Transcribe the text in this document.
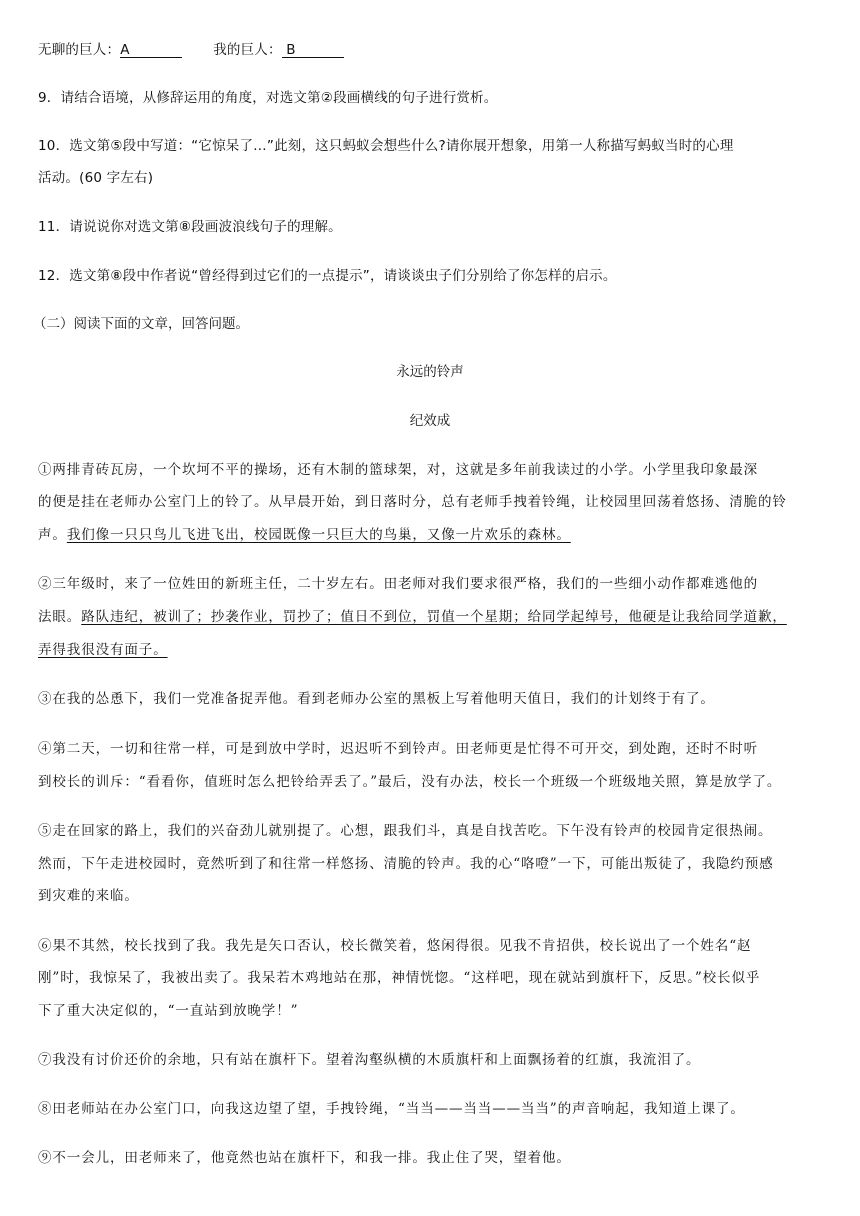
无聊的巨人：A	我的巨人： B
9．请结合语境，从修辞运用的角度，对选文第②段画横线的句子进行赏析。
10．选文第⑤段中写道：“它惊呆了…”此刻，这只蚂蚁会想些什么?请你展开想象，用第一人称描写蚂蚁当时的心理
活动。(60 字左右)
11．请说说你对选文第⑧段画波浪线句子的理解。
12．选文第⑧段中作者说“曾经得到过它们的一点提示”，请谈谈虫子们分别给了你怎样的启示。
（二）阅读下面的文章，回答问题。
永远的铃声
纪效成
①两排青砖瓦房，一个坎坷不平的操场，还有木制的篮球架，对，这就是多年前我读过的小学。小学里我印象最深
的便是挂在老师办公室门上的铃了。从早晨开始，到日落时分，总有老师手拽着铃绳，让校园里回荡着悠扬、清脆的铃
声。我们像一只只鸟儿飞进飞出，校园既像一只巨大的鸟巢，又像一片欢乐的森林。
②三年级时，来了一位姓田的新班主任，二十岁左右。田老师对我们要求很严格，我们的一些细小动作都难逃他的
法眼。路队违纪，被训了；抄袭作业，罚抄了；值日不到位，罚值一个星期；给同学起绰号，他硬是让我给同学道歉，
弄得我很没有面子。
③在我的怂恿下，我们一党准备捉弄他。看到老师办公室的黑板上写着他明天值日，我们的计划终于有了。
④第二天，一切和往常一样，可是到放中学时，迟迟听不到铃声。田老师更是忙得不可开交，到处跑，还时不时听
到校长的训斥：“看看你，值班时怎么把铃给弄丢了。”最后，没有办法，校长一个班级一个班级地关照，算是放学了。
⑤走在回家的路上，我们的兴奋劲儿就别提了。心想，跟我们斗，真是自找苦吃。下午没有铃声的校园肯定很热闹。
然而，下午走进校园时，竟然听到了和往常一样悠扬、清脆的铃声。我的心“咯噔”一下，可能出叛徒了，我隐约预感
到灾难的来临。
⑥果不其然，校长找到了我。我先是矢口否认，校长微笑着，悠闲得很。见我不肯招供，校长说出了一个姓名“赵
刚”时，我惊呆了，我被出卖了。我呆若木鸡地站在那，神情恍惚。“这样吧，现在就站到旗杆下，反思。”校长似乎
下了重大决定似的，“一直站到放晚学！”
⑦我没有讨价还价的余地，只有站在旗杆下。望着沟壑纵横的木质旗杆和上面飘扬着的红旗，我流泪了。
⑧田老师站在办公室门口，向我这边望了望，手拽铃绳，“当当——当当——当当”的声音响起，我知道上课了。
⑨不一会儿，田老师来了，他竟然也站在旗杆下，和我一排。我止住了哭，望着他。
